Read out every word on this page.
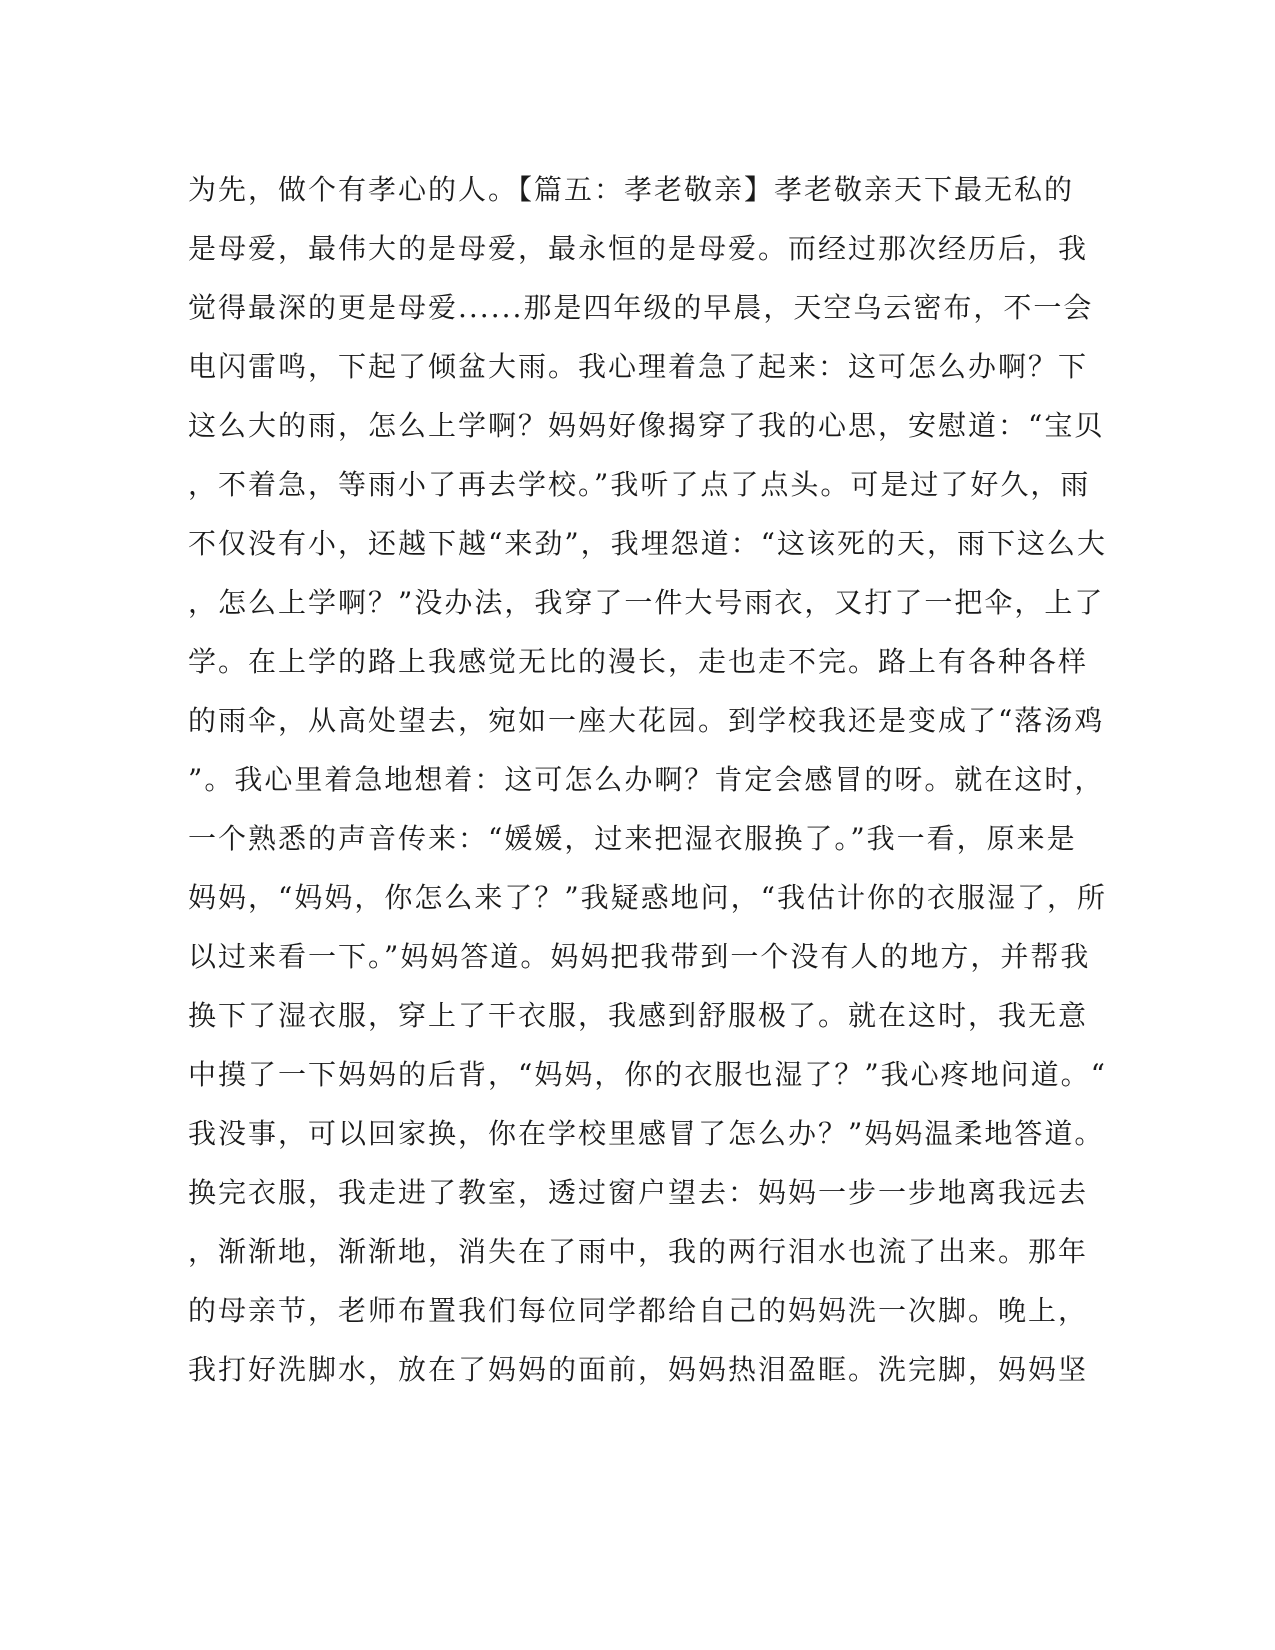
为先，做个有孝心的人。【篇五：孝老敬亲】孝老敬亲天下最无私的
是母爱，最伟大的是母爱，最永恒的是母爱。而经过那次经历后，我
觉得最深的更是母爱......那是四年级的早晨，天空乌云密布，不一会
电闪雷鸣，下起了倾盆大雨。我心理着急了起来：这可怎么办啊？下
这么大的雨，怎么上学啊？妈妈好像揭穿了我的心思，安慰道：“宝贝
，不着急，等雨小了再去学校。”我听了点了点头。可是过了好久，雨
不仅没有小，还越下越“来劲”，我埋怨道：“这该死的天，雨下这么大
，怎么上学啊？”没办法，我穿了一件大号雨衣，又打了一把伞，上了
学。在上学的路上我感觉无比的漫长，走也走不完。路上有各种各样
的雨伞，从高处望去，宛如一座大花园。到学校我还是变成了“落汤鸡
”。我心里着急地想着：这可怎么办啊？肯定会感冒的呀。就在这时，
一个熟悉的声音传来：“媛媛，过来把湿衣服换了。”我一看，原来是
妈妈，“妈妈，你怎么来了？”我疑惑地问，“我估计你的衣服湿了，所
以过来看一下。”妈妈答道。妈妈把我带到一个没有人的地方，并帮我
换下了湿衣服，穿上了干衣服，我感到舒服极了。就在这时，我无意
中摸了一下妈妈的后背，“妈妈，你的衣服也湿了？”我心疼地问道。“
我没事，可以回家换，你在学校里感冒了怎么办？”妈妈温柔地答道。
换完衣服，我走进了教室，透过窗户望去：妈妈一步一步地离我远去
，渐渐地，渐渐地，消失在了雨中，我的两行泪水也流了出来。那年
的母亲节，老师布置我们每位同学都给自己的妈妈洗一次脚。晚上，
我打好洗脚水，放在了妈妈的面前，妈妈热泪盈眶。洗完脚，妈妈坚
